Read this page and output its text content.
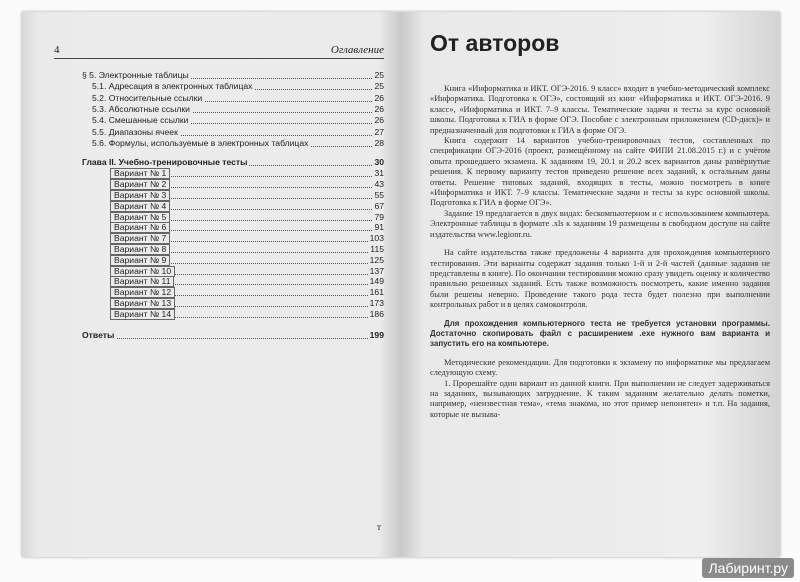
4	Оглавление
§ 5. Электронные таблицы	25
5.1. Адресация в электронных таблицах	25
5.2. Относительные ссылки	26
5.3. Абсолютные ссылки	26
5.4. Смешанные ссылки	26
5.5. Диапазоны ячеек	27
5.6. Формулы, используемые в электронных таблицах	28
Глава II. Учебно-тренировочные тесты	30
Вариант № 1	31
Вариант № 2	43
Вариант № 3	55
Вариант № 4	67
Вариант № 5	79
Вариант № 6	91
Вариант № 7	103
Вариант № 8	115
Вариант № 9	125
Вариант № 10	137
Вариант № 11	149
Вариант № 12	161
Вариант № 13	173
Вариант № 14	186
Ответы	199
т
От авторов

Книга «Информатика и ИКТ. ОГЭ-2016. 9 класс» входит в учебно-методический комплекс «Информатика. Подготовка к ОГЭ», состоящий из книг «Информатика и ИКТ. ОГЭ-2016. 9 класс», «Информатика и ИКТ. 7–9 классы. Тематические задачи и тесты за курс основной школы. Подготовка к ГИА в форме ОГЭ. Пособие с электронным приложением (CD-диск)» и предназначенный для подготовки к ГИА в форме ОГЭ.

Книга содержит 14 вариантов учебно-тренировочных тестов, составленных по спецификации ОГЭ-2016 (проект, размещённому на сайте ФИПИ 21.08.2015 г.) и с учётом опыта прошедшего экзамена. К заданиям 19, 20.1 и 20.2 всех вариантов даны развёрнутые решения. К первому варианту тестов приведено решение всех заданий, к остальным даны ответы. Решение типовых заданий, входящих в тесты, можно посмотреть в книге «Информатика и ИКТ. 7–9 классы. Тематические задачи и тесты за курс основной школы. Подготовка к ГИА в форме ОГЭ».

Задание 19 предлагается в двух видах: бескомпьютерном и с использованием компьютера. Электронные таблицы в формате .xls к заданиям 19 размещены в свободном доступе на сайте издательства www.legionr.ru.

На сайте издательства также предложены 4 варианта для прохождения компьютерного тестирования. Эти варианты содержат задания только 1-й и 2-й частей (данные задания не представлены в книге). По окончании тестирования можно сразу увидеть оценку и количество правильно решенных заданий. Есть также возможность посмотреть, какие именно задания были решены неверно. Проведение такого рода теста будет полезно при выполнении контрольных работ и в целях самоконтроля.

Для прохождения компьютерного теста не требуется установки программы. Достаточно скопировать файл с расширением .exe нужного вам варианта и запустить его на компьютере.

Методические рекомендации. Для подготовки к экзамену по информатике мы предлагаем следующую схему.

1. Прорешайте один вариант из данной книги. При выполнении не следует задерживаться на заданиях, вызывающих затруднение. К таким заданиям желательно делать пометки, например, «неизвестная тема», «тема знакома, но этот пример непонятен» и т.п. На задания, которые не вызыва-

Лабиринт.ру
